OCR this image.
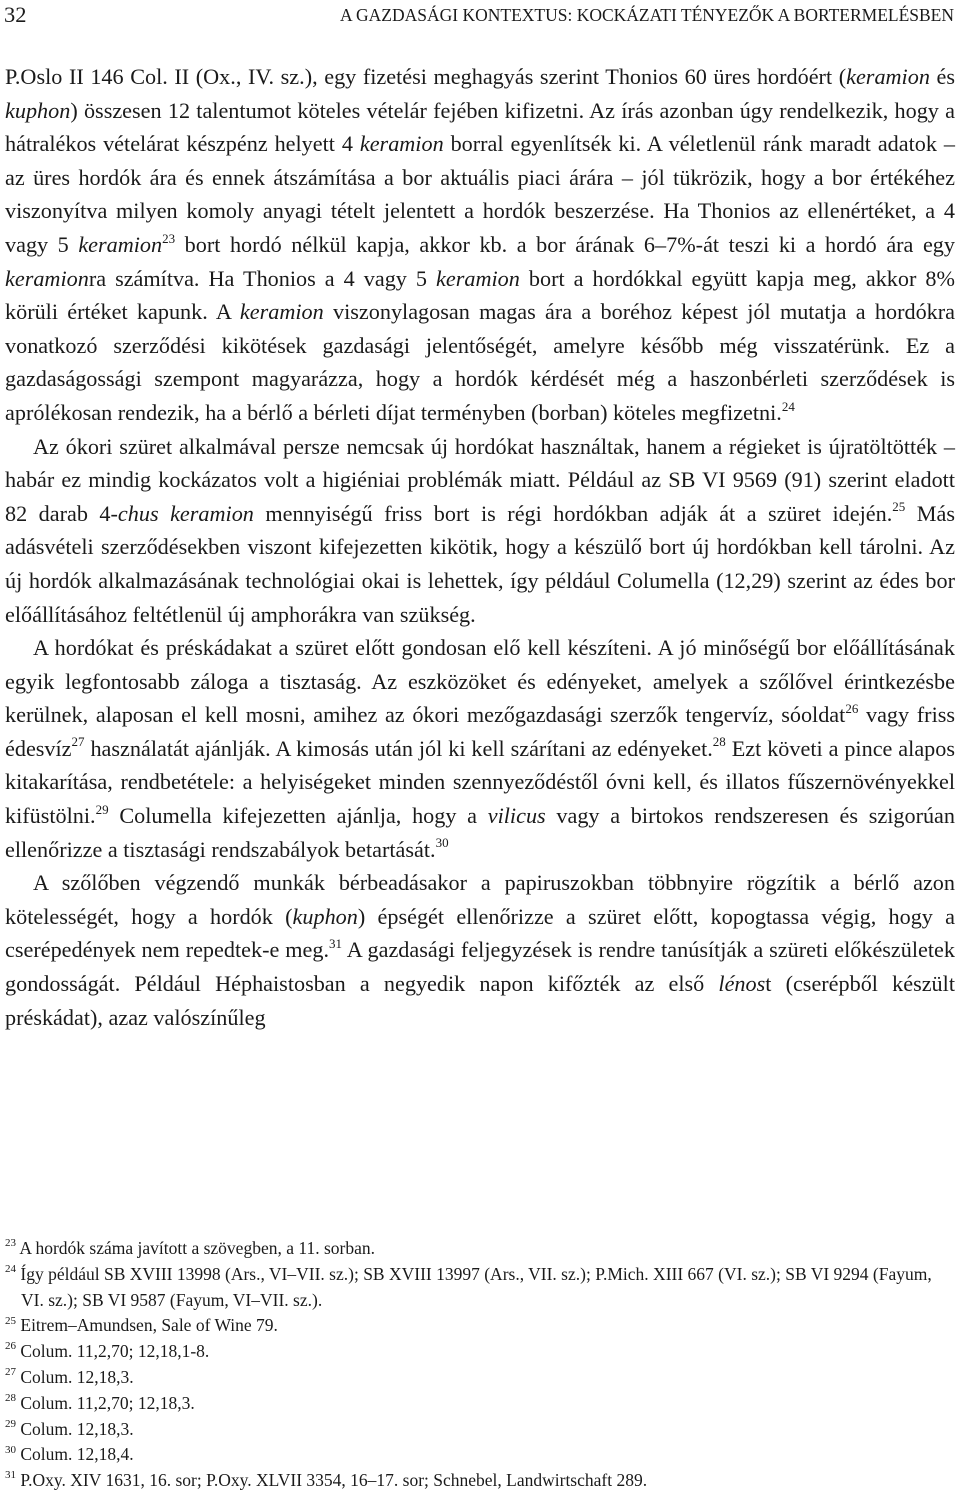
32	A GAZDASÁGI KONTEXTUS: KOCKÁZATI TÉNYEZŐK A BORTERMELÉSBEN

P.Oslo II 146 Col. II (Ox., IV. sz.), egy fizetési meghagyás szerint Thonios 60 üres hordóért (keramion és kuphon) összesen 12 talentumot köteles vételár fejében kifizetni. Az írás azonban úgy rendelkezik, hogy a hátralékos vételárat készpénz helyett 4 keramion borral egyenlítsék ki. A véletlenül ránk maradt adatok – az üres hordók ára és ennek átszámítása a bor aktuális piaci árára – jól tükrözik, hogy a bor értékéhez viszonyítva milyen komoly anyagi tételt jelentett a hordók beszerzése. Ha Thonios az ellenértéket, a 4 vagy 5 keramion$^{23}$ bort hordó nélkül kapja, akkor kb. a bor árának 6–7%-át teszi ki a hordó ára egy keramionra számítva. Ha Thonios a 4 vagy 5 keramion bort a hordókkal együtt kapja meg, akkor 8% körüli értéket kapunk. A keramion viszonylagosan magas ára a boréhoz képest jól mutatja a hordókra vonatkozó szerződési kikötések gazdasági jelentőségét, amelyre később még visszatérünk. Ez a gazdaságossági szempont magyarázza, hogy a hordók kérdését még a haszonbérleti szerződések is aprólékosan rendezik, ha a bérlő a bérleti díjat terményben (borban) köteles megfizetni.$^{24}$

Az ókori szüret alkalmával persze nemcsak új hordókat használtak, hanem a régieket is újratöltötték – habár ez mindig kockázatos volt a higiéniai problémák miatt. Például az SB VI 9569 (91) szerint eladott 82 darab 4-chus keramion mennyiségű friss bort is régi hordókban adják át a szüret idején.$^{25}$ Más adásvételi szerződésekben viszont kifejezetten kikötik, hogy a készülő bort új hordókban kell tárolni. Az új hordók alkalmazásának technológiai okai is lehettek, így például Columella (12,29) szerint az édes bor előállításához feltétlenül új amphorákra van szükség.

A hordókat és préskádakat a szüret előtt gondosan elő kell készíteni. A jó minőségű bor előállításának egyik legfontosabb záloga a tisztaság. Az eszközöket és edényeket, amelyek a szőlővel érintkezésbe kerülnek, alaposan el kell mosni, amihez az ókori mezőgazdasági szerzők tengervíz, sóoldat$^{26}$ vagy friss édesvíz$^{27}$ használatát ajánlják. A kimosás után jól ki kell szárítani az edényeket.$^{28}$ Ezt követi a pince alapos kitakarítása, rendbetétele: a helyiségeket minden szennyeződéstől óvni kell, és illatos fűszernövényekkel kifüstölni.$^{29}$ Columella kifejezetten ajánlja, hogy a vilicus vagy a birtokos rendszeresen és szigorúan ellenőrizze a tisztasági rendszabályok betartását.$^{30}$

A szőlőben végzendő munkák bérbeadásakor a papiruszokban többnyire rögzítik a bérlő azon kötelességét, hogy a hordók (kuphon) épségét ellenőrizze a szüret előtt, kopogtassa végig, hogy a cserépedények nem repedtek-e meg.$^{31}$ A gazdasági feljegyzések is rendre tanúsítják a szüreti előkészületek gondosságát. Például Héphaistosban a negyedik napon kifőzték az első lénost (cserépből készült préskádat), azaz valószínűleg

$^{23}$ A hordók száma javított a szövegben, a 11. sorban.
$^{24}$ Így például SB XVIII 13998 (Ars., VI–VII. sz.); SB XVIII 13997 (Ars., VII. sz.); P.Mich. XIII 667 (VI. sz.); SB VI 9294 (Fayum, VI. sz.); SB VI 9587 (Fayum, VI–VII. sz.).
$^{25}$ Eitrem–Amundsen, Sale of Wine 79.
$^{26}$ Colum. 11,2,70; 12,18,1-8.
$^{27}$ Colum. 12,18,3.
$^{28}$ Colum. 11,2,70; 12,18,3.
$^{29}$ Colum. 12,18,3.
$^{30}$ Colum. 12,18,4.
$^{31}$ P.Oxy. XIV 1631, 16. sor; P.Oxy. XLVII 3354, 16–17. sor; Schnebel, Landwirtschaft 289.
